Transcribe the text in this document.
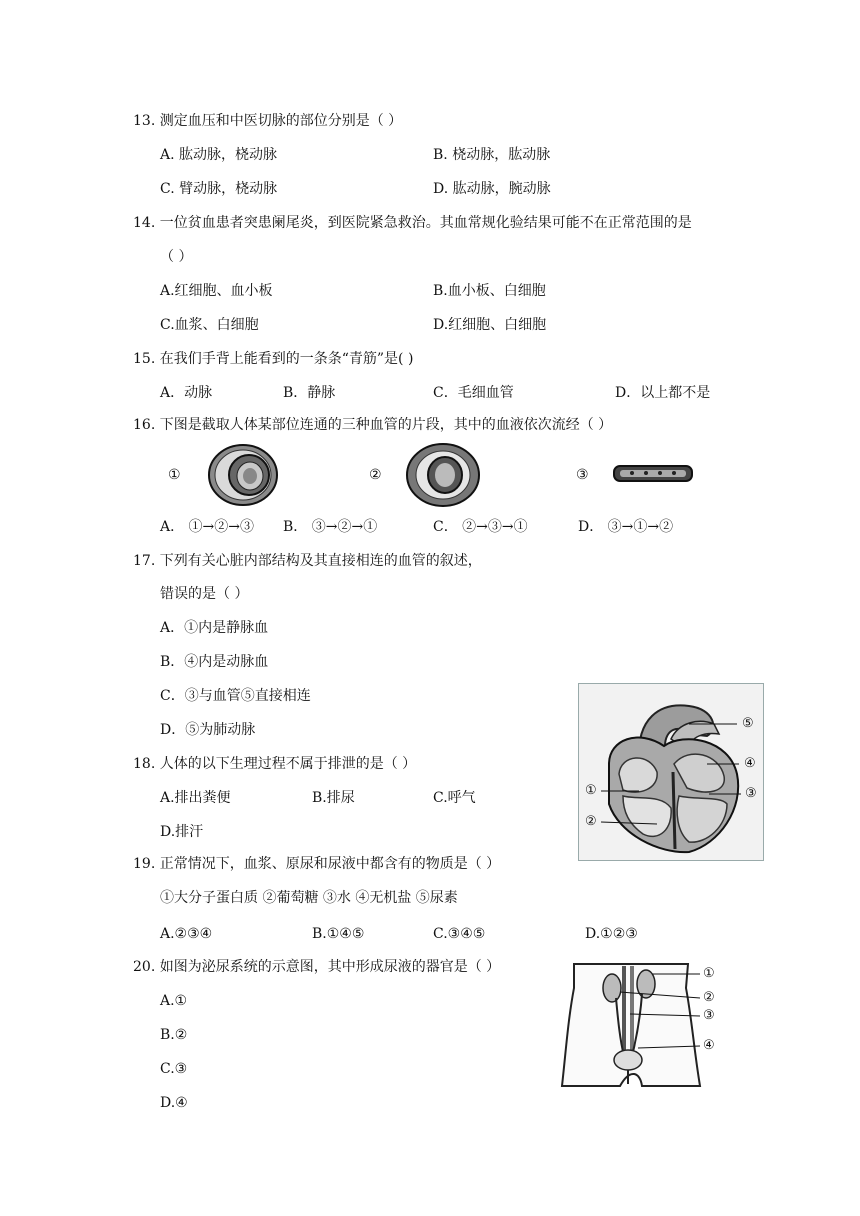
13. 测定血压和中医切脉的部位分别是（ ）
A. 肱动脉，桡动脉	B. 桡动脉，肱动脉
C. 臂动脉，桡动脉	D. 肱动脉，腕动脉
14. 一位贫血患者突患阑尾炎，到医院紧急救治。其血常规化验结果可能不在正常范围的是
（ ）
A.红细胞、血小板	B.血小板、白细胞
C.血浆、白细胞	D.红细胞、白细胞
15. 在我们手背上能看到的一条条“青筋”是( )
A．动脉	B．静脉	C．毛细血管	D．以上都不是
16. 下图是截取人体某部位连通的三种血管的片段，其中的血液依次流经（ ）
①	②	③
A． ①→②→③ B． ③→②→①	C． ②→③→①	D． ③→①→②
17. 下列有关心脏内部结构及其直接相连的血管的叙述，
错误的是（ ）
A．①内是静脉血
B．④内是动脉血
C．③与血管⑤直接相连
D．⑤为肺动脉	⑤
④
③
①
②
18. 人体的以下生理过程不属于排泄的是（ ）
A.排出粪便	B.排尿	C.呼气
D.排汗
19. 正常情况下，血浆、原尿和尿液中都含有的物质是（ ）
①大分子蛋白质 ②葡萄糖 ③水 ④无机盐 ⑤尿素
A.②③④	B.①④⑤	C.③④⑤	D.①②③
20. 如图为泌尿系统的示意图，其中形成尿液的器官是（ ）
A.①
B.②
C.③
D.④
①
②
③
④
